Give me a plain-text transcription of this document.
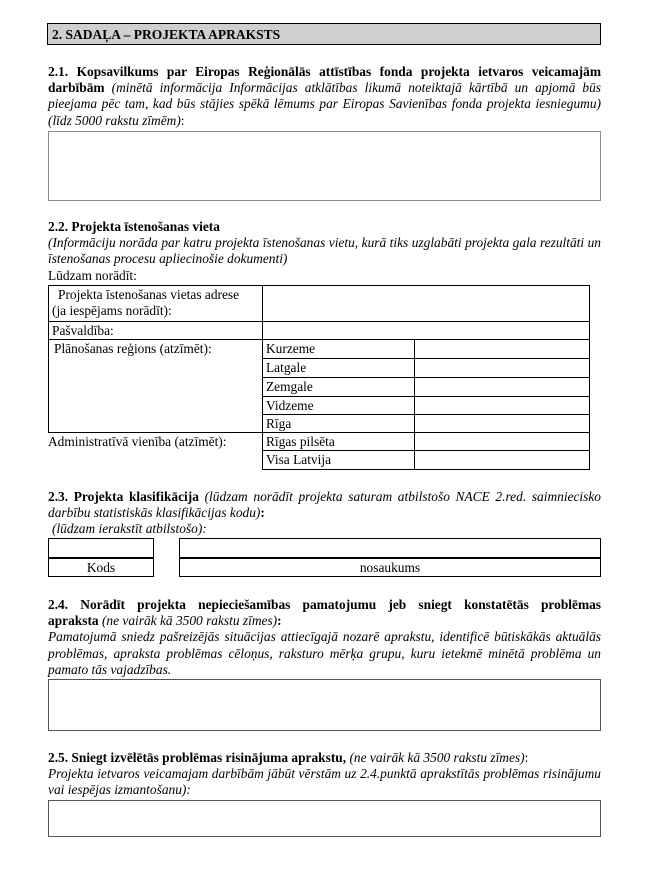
2. SADAĻA – PROJEKTA APRAKSTS
2.1. Kopsavilkums par Eiropas Reģionālās attīstības fonda projekta ietvaros veicamajām darbībām (minētā informācija Informācijas atklātības likumā noteiktajā kārtībā un apjomā būs pieejama pēc tam, kad būs stājies spēkā lēmums par Eiropas Savienības fonda projekta iesniegumu) (līdz 5000 rakstu zīmēm):
2.2. Projekta īstenošanas vieta
(Informāciju norāda par katru projekta īstenošanas vietu, kurā tiks uzglabāti projekta gala rezultāti un īstenošanas procesu apliecinošie dokumenti)
Lūdzam norādīt:
Projekta īstenošanas vietas adrese
(ja iespējams norādīt):
Pašvaldība:
Plānošanas reģions (atzīmēt):	Kurzeme
Latgale
Zemgale
Vidzeme
Rīga
Administratīvā vienība (atzīmēt):	Rīgas pilsēta
Visa Latvija
2.3. Projekta klasifikācija (lūdzam norādīt projekta saturam atbilstošo NACE 2.red. saimniecisko darbību statistiskās klasifikācijas kodu):
(lūdzam ierakstīt atbilstošo):
Kods	nosaukums
2.4. Norādīt projekta nepieciešamības pamatojumu jeb sniegt konstatētās problēmas
apraksta (ne vairāk kā 3500 rakstu zīmes):
Pamatojumā sniedz pašreizējās situācijas attiecīgajā nozarē aprakstu, identificē būtiskākās aktuālās problēmas, apraksta problēmas cēloņus, raksturo mērķa grupu, kuru ietekmē minētā problēma un pamato tās vajadzības.
2.5. Sniegt izvēlētās problēmas risinājuma aprakstu, (ne vairāk kā 3500 rakstu zīmes):
Projekta ietvaros veicamajam darbībām jābūt vērstām uz 2.4.punktā aprakstītās problēmas risinājumu vai iespējas izmantošanu):
